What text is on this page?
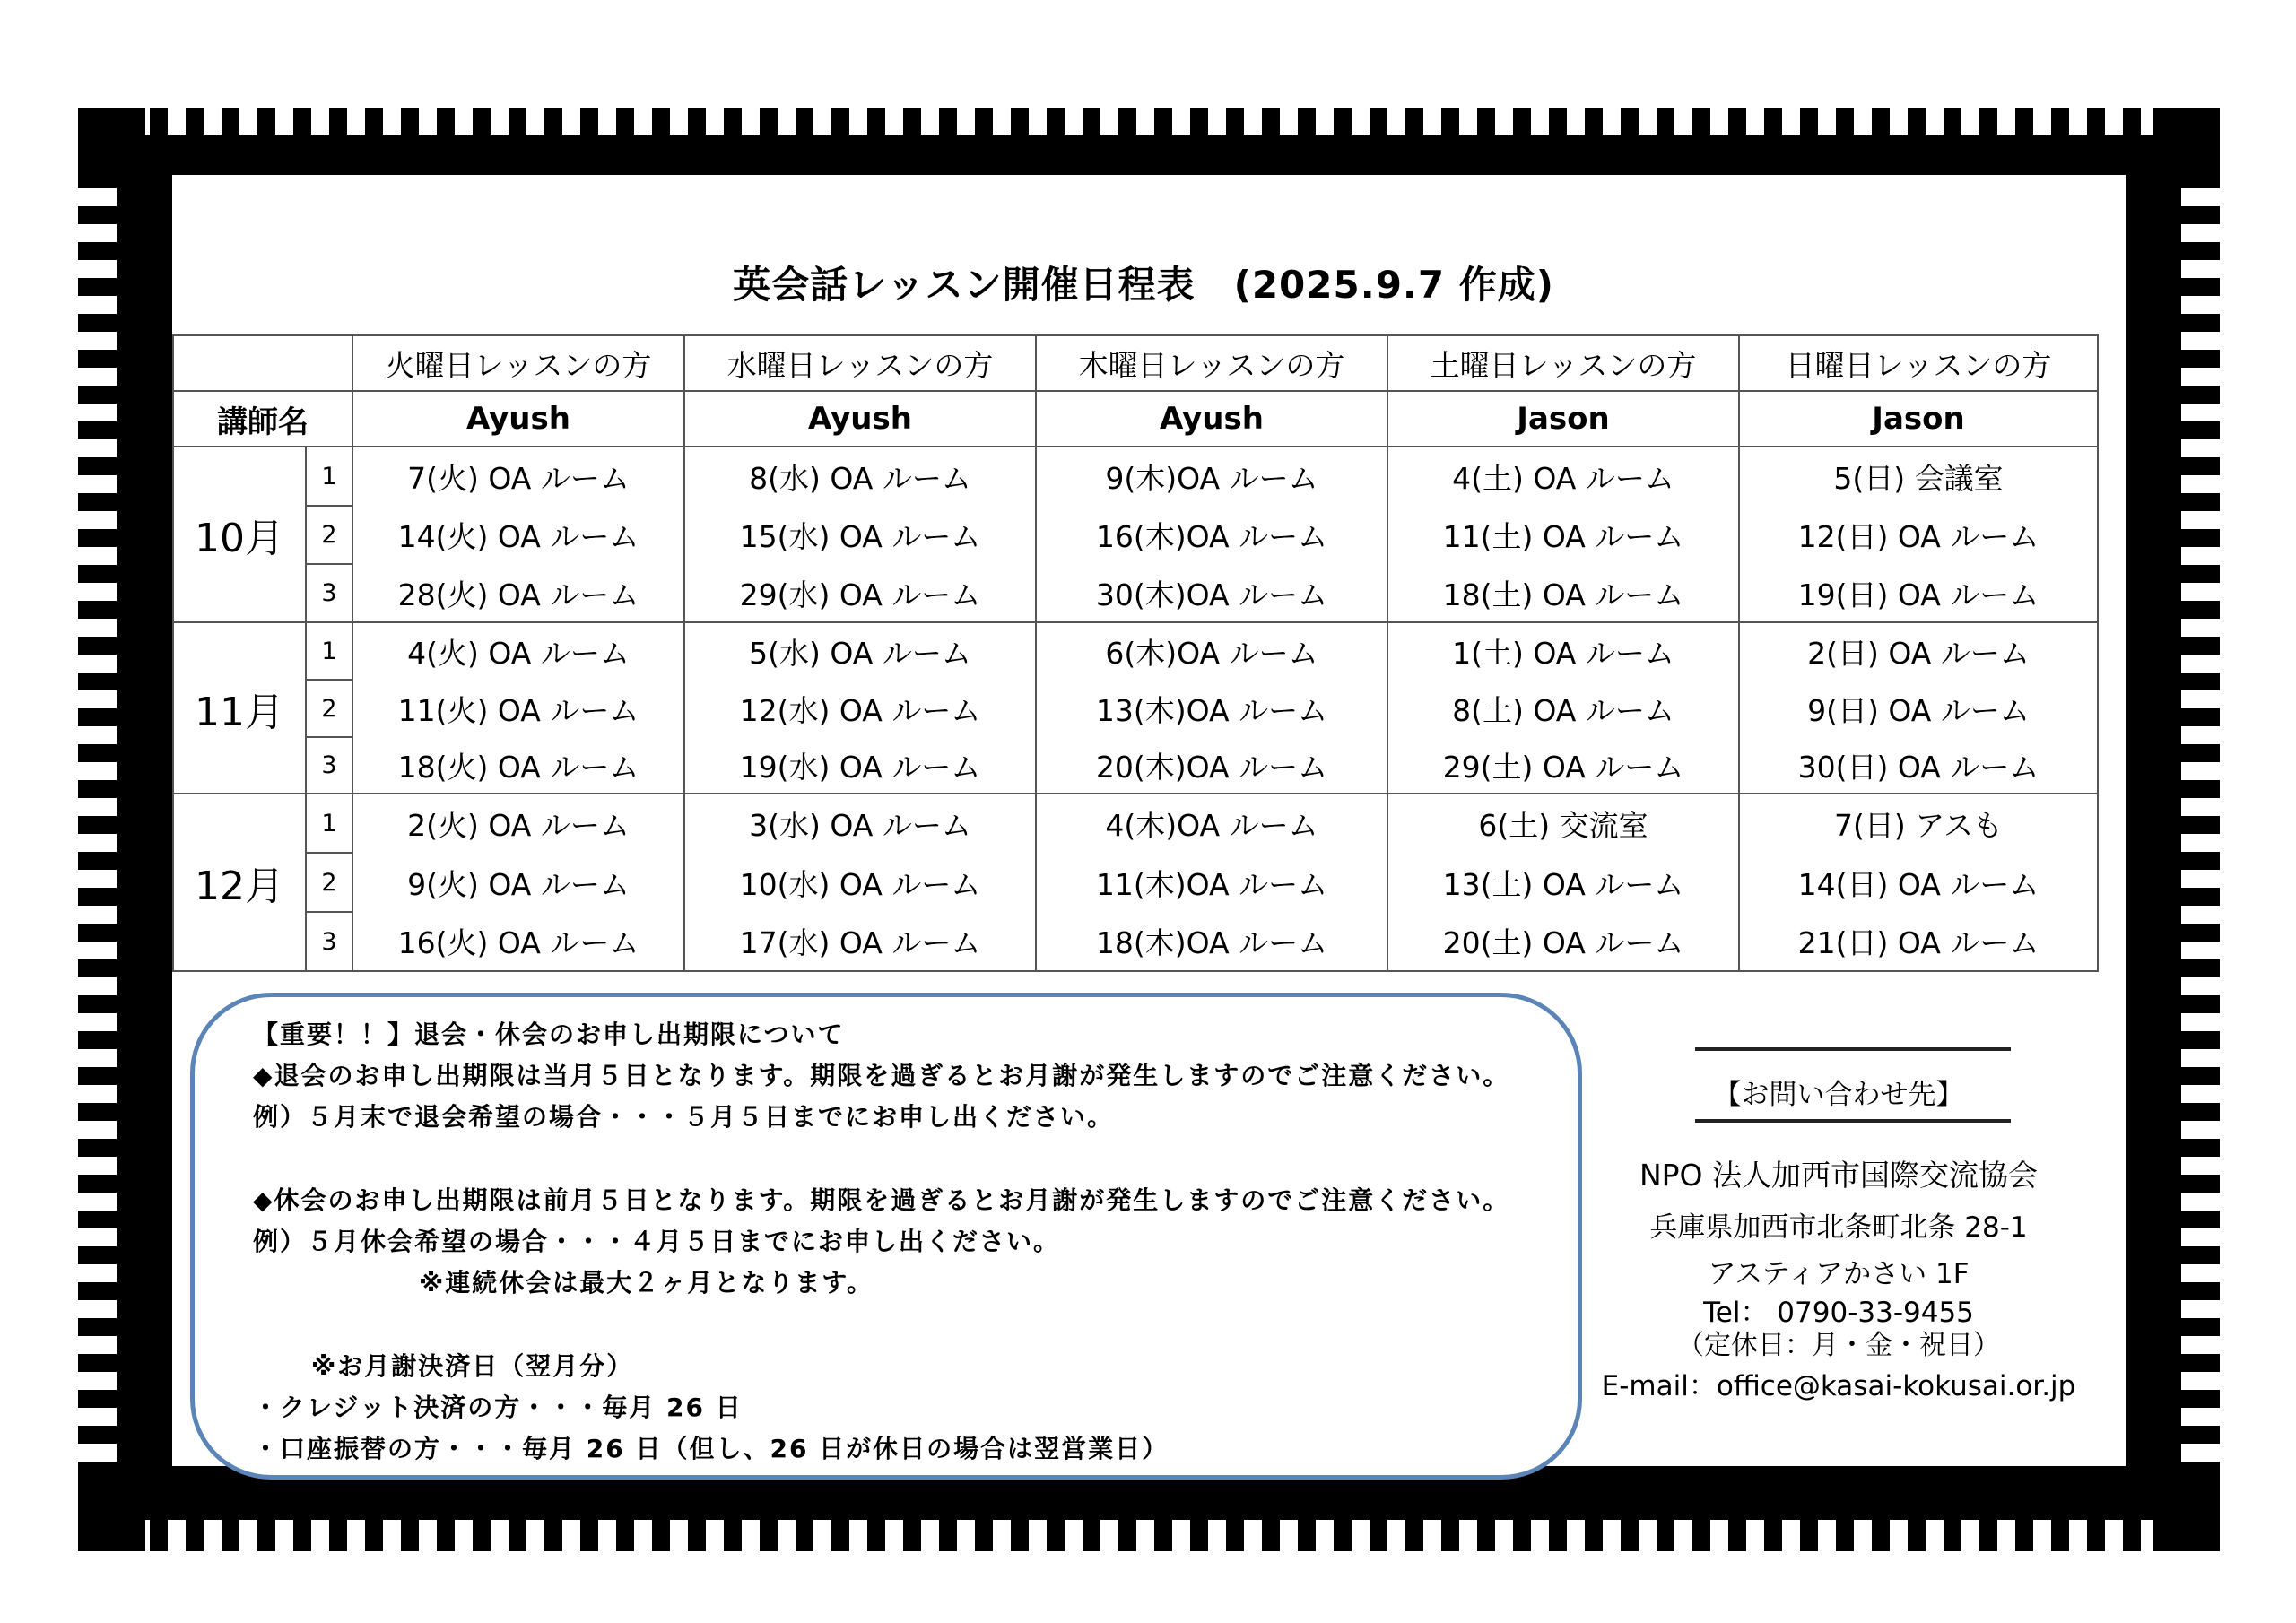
英会話レッスン開催日程表　(2025.9.7 作成)
		火曜日レッスンの方	水曜日レッスンの方	木曜日レッスンの方	土曜日レッスンの方	日曜日レッスンの方
講師名		Ayush	Ayush	Ayush	Jason	Jason
10月	1	7(火) OA ルーム	8(水) OA ルーム	9(木)OA ルーム	4(土) OA ルーム	5(日) 会議室
	2	14(火) OA ルーム	15(水) OA ルーム	16(木)OA ルーム	11(土) OA ルーム	12(日) OA ルーム
	3	28(火) OA ルーム	29(水) OA ルーム	30(木)OA ルーム	18(土) OA ルーム	19(日) OA ルーム
11月	1	4(火) OA ルーム	5(水) OA ルーム	6(木)OA ルーム	1(土) OA ルーム	2(日) OA ルーム
	2	11(火) OA ルーム	12(水) OA ルーム	13(木)OA ルーム	8(土) OA ルーム	9(日) OA ルーム
	3	18(火) OA ルーム	19(水) OA ルーム	20(木)OA ルーム	29(土) OA ルーム	30(日) OA ルーム
12月	1	2(火) OA ルーム	3(水) OA ルーム	4(木)OA ルーム	6(土) 交流室	7(日) アスも
	2	9(火) OA ルーム	10(水) OA ルーム	11(木)OA ルーム	13(土) OA ルーム	14(日) OA ルーム
	3	16(火) OA ルーム	17(水) OA ルーム	18(木)OA ルーム	20(土) OA ルーム	21(日) OA ルーム
【重要！！】退会・休会のお申し出期限について
◆退会のお申し出期限は当月５日となります。期限を過ぎるとお月謝が発生しますのでご注意ください。
例）５月末で退会希望の場合・・・５月５日までにお申し出ください。
◆休会のお申し出期限は前月５日となります。期限を過ぎるとお月謝が発生しますのでご注意ください。
例）５月休会希望の場合・・・４月５日までにお申し出ください。
※連続休会は最大２ヶ月となります。
※お月謝決済日（翌月分）
・クレジット決済の方・・・毎月 26 日
・口座振替の方・・・毎月 26 日（但し、26 日が休日の場合は翌営業日）
【お問い合わせ先】
NPO 法人加西市国際交流協会
兵庫県加西市北条町北条 28-1
アスティアかさい 1F
Tel： 0790-33-9455
（定休日：月・金・祝日）
E-mail：office@kasai-kokusai.or.jp
